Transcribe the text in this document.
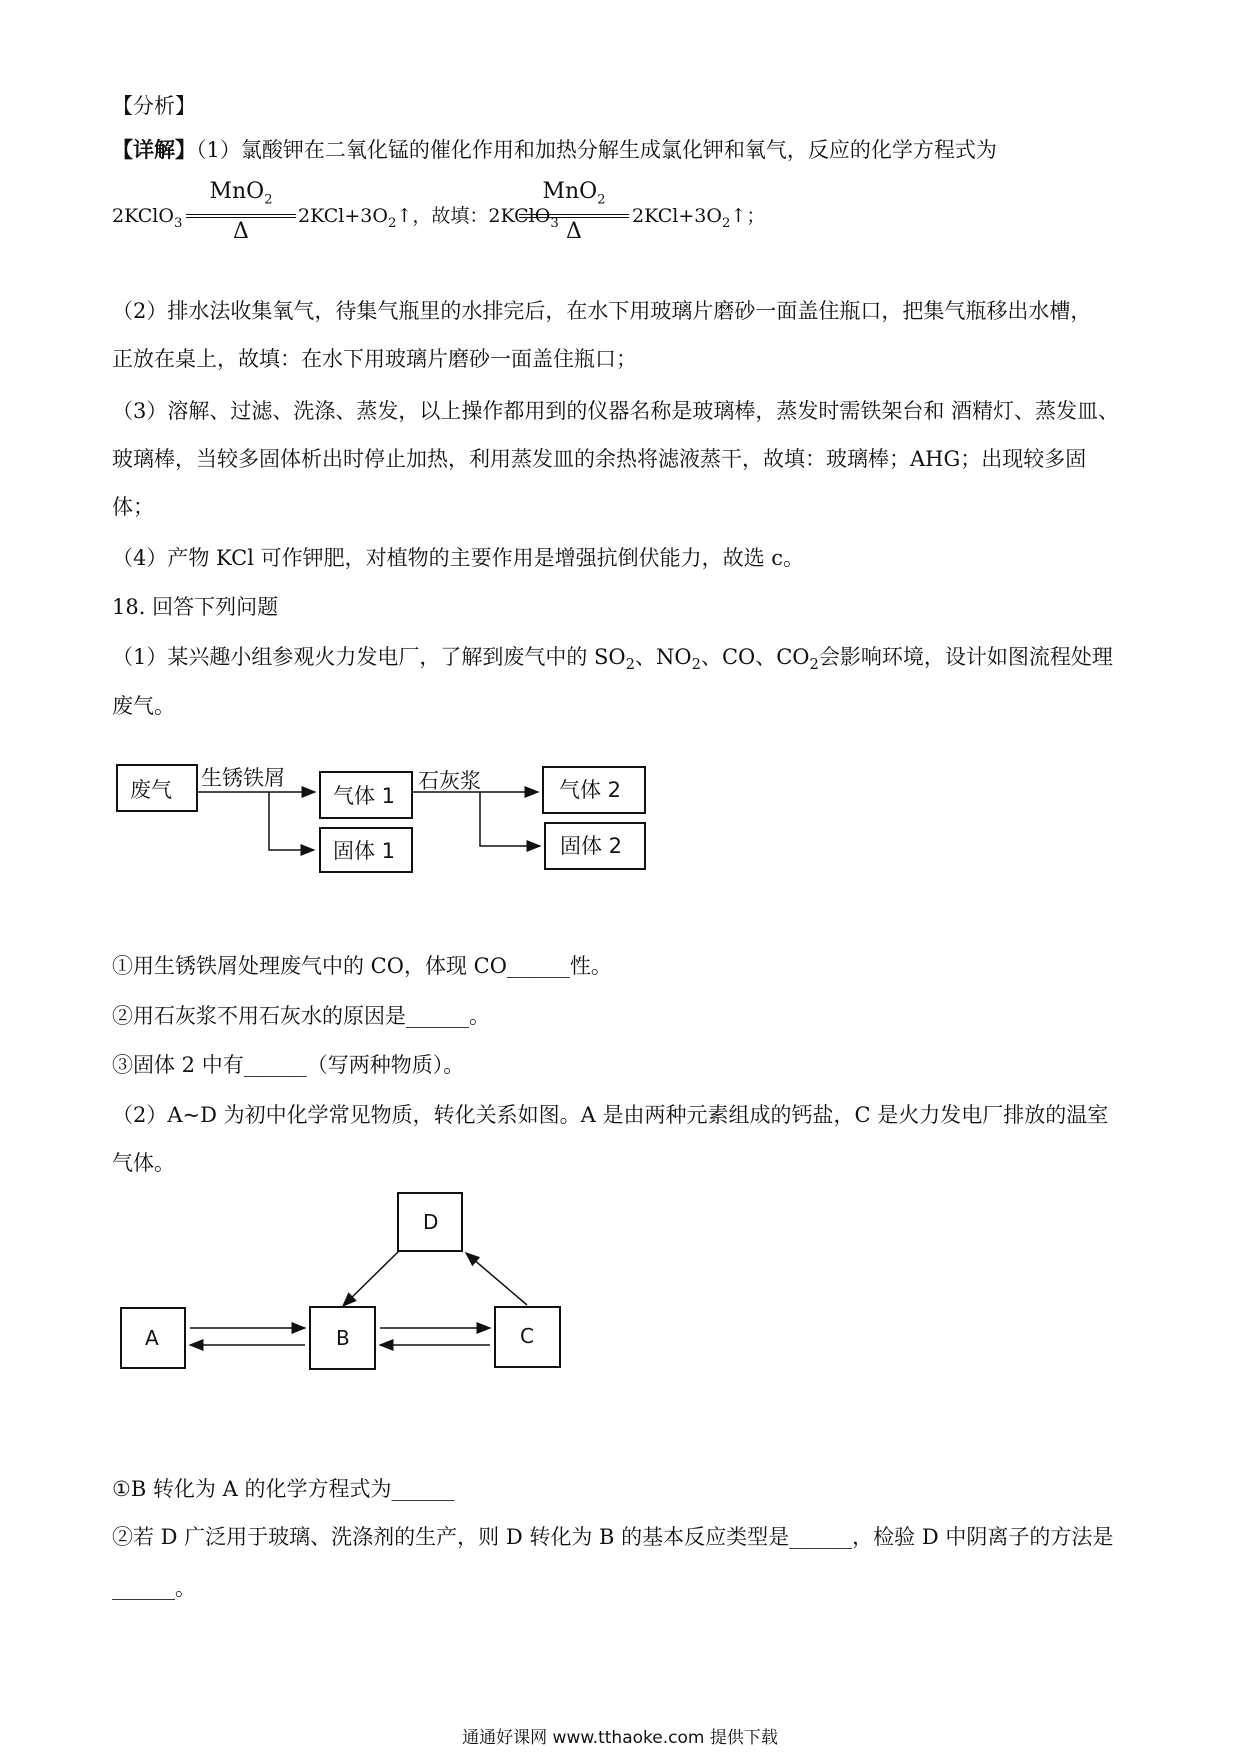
【分析】
【详解】（1）氯酸钾在二氧化锰的催化作用和加热分解生成氯化钾和氧气，反应的化学方程式为
2KClO$_3$
MnO$_2$
Δ
$2KCl+3O_2↑$，故填：2KClO$_3$
MnO$_2$
Δ
$2KCl+3O_2↑$；
（2）排水法收集氧气，待集气瓶里的水排完后，在水下用玻璃片磨砂一面盖住瓶口，把集气瓶移出水槽，
正放在桌上，故填：在水下用玻璃片磨砂一面盖住瓶口；
（3）溶解、过滤、洗涤、蒸发，以上操作都用到的仪器名称是玻璃棒，蒸发时需铁架台和 酒精灯、蒸发皿、
玻璃棒，当较多固体析出时停止加热，利用蒸发皿的余热将滤液蒸干，故填：玻璃棒；AHG；出现较多固
体；
（4）产物 KCl 可作钾肥，对植物的主要作用是增强抗倒伏能力，故选 c。
18. 回答下列问题
（1）某兴趣小组参观火力发电厂，了解到废气中的 $SO_2$、$NO_2$、CO、$CO_2$会影响环境，设计如图流程处理
废气。
废气 生锈铁屑
气体 1
固体 1
石灰浆	气体 2
固体 2
D
A	B	C
①用生锈铁屑处理废气中的 CO，体现 CO______性。
②用石灰浆不用石灰水的原因是______。
③固体 2 中有______（写两种物质）。
（2）A~D 为初中化学常见物质，转化关系如图。A 是由两种元素组成的钙盐，C 是火力发电厂排放的温室
气体。
①B 转化为 A 的化学方程式为______
②若 D 广泛用于玻璃、洗涤剂的生产，则 D 转化为 B 的基本反应类型是______，检验 D 中阴离子的方法是
______。
通通好课网 www.tthaoke.com 提供下载
